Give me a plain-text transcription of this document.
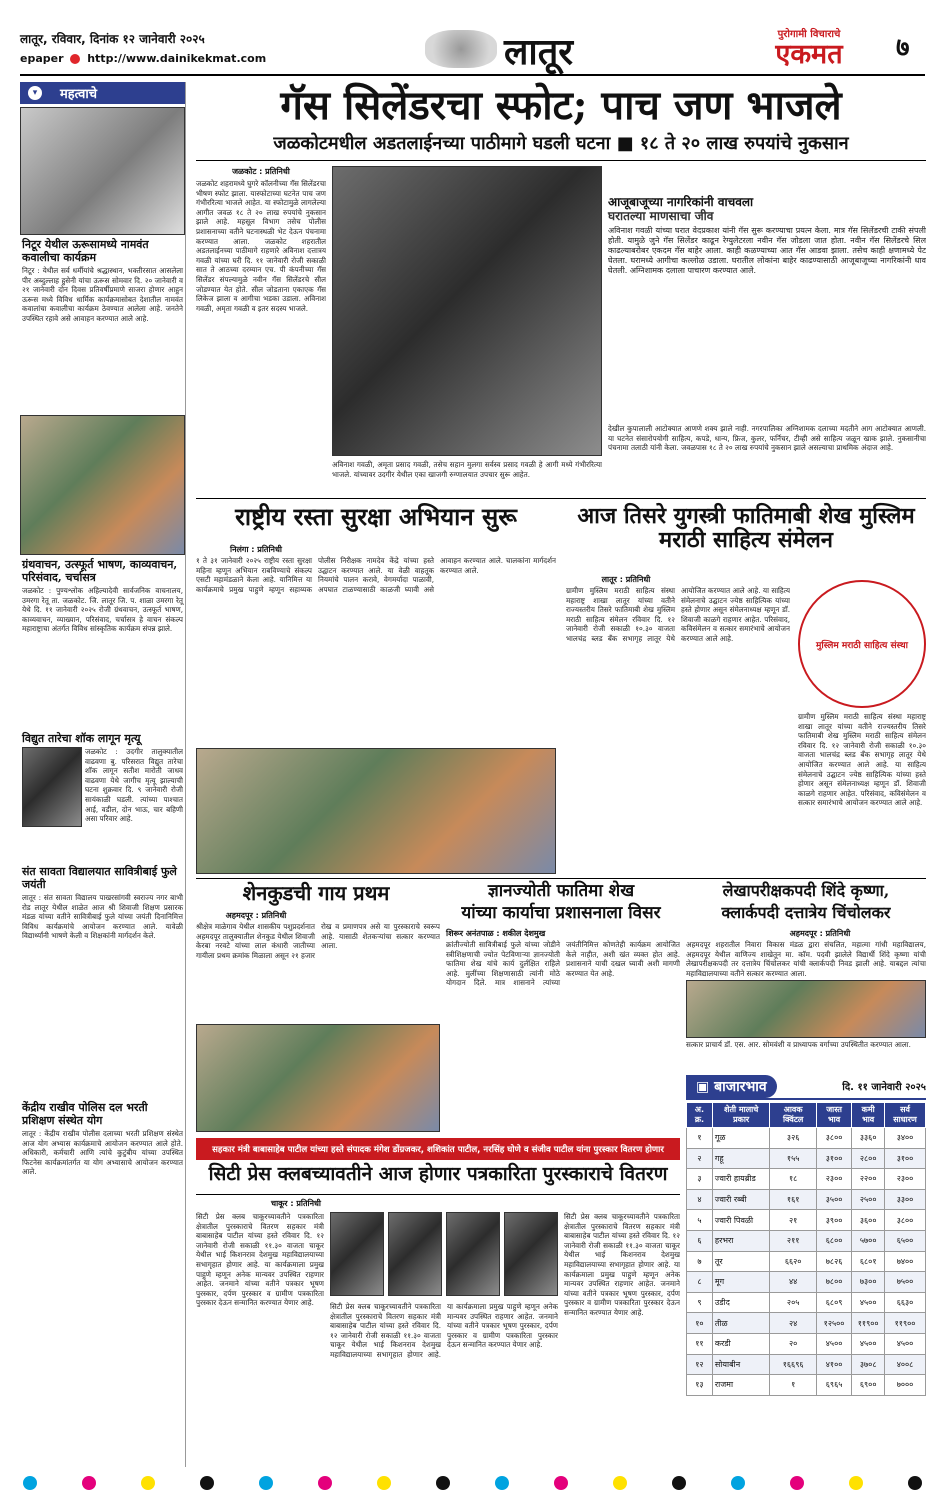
लातूर, रविवार, दिनांक १२ जानेवारी २०२५
epaper http://www.dainikekmat.com	लातूर	पुरोगामी विचाराचे
एकमत	७
▾	महत्वाचे
निटूर येथील ऊरूसामध्ये नामवंत कवालीचा कार्यक्रम
निटूर : येथील सर्व धर्मीयांचे श्रद्धास्थान, भक्तीरसात आसलेला पीर अब्दुल्लाह हुसेनी यांचा ऊरूस सोमवार दि. २० जानेवारी व २१ जानेवारी दोन दिवस प्रतिवर्षीप्रमाणे साजरा होणार आहुन ऊरूस मध्ये विविध धार्मिक कार्यक्रमासोबत देशातील नामवंत कवालांचा कवालीचा कार्यक्रम ठेवण्यात आलेला आहे. जनतेने उपस्थित रहावे असे आवाहन करण्यात आले आहे.
ग्रंथवाचन, उत्स्फूर्त भाषण, काव्यवाचन, परिसंवाद, चर्चासत्र
जळकोट : पुण्यश्लोक अहिल्यादेवी सार्वजनिक वाचनालय, उमरगा रेतू ता. जळकोट. जि. लातूर जि. प. शाळा उमरगा रेतू येथे दि. ११ जानेवारी २०२५ रोजी ग्रंथवाचन, उत्स्फूर्त भाषण, काव्यवाचन, व्याख्यान, परिसंवाद, चर्चासत्र हे वाचन संकल्प महाराष्ट्राचा अंतर्गत विविध सांस्कृतिक कार्यक्रम संपन्न झाले.
विद्युत तारेचा शॉक लागून मृत्यू
जळकोट : उदगीर तालुक्यातील वाढवणा बु. परिसरात विद्युत तारेचा शॉक लागून सतीश मारोती जाधव वाढवणा येथे जागीच मृत्यू झाल्याची घटना शुक्रवार दि. ९ जानेवारी रोजी सायंकाळी घडली. त्यांच्या पाश्चात आई, वडील, दोन भाऊ, चार बहिणी असा परिवार आहे.
संत सावता विद्यालयात सावित्रीबाई फुले जयंती
लातूर : संत सावता विद्यालय पाखरसांगवी स्वराज्य नगर बाभी रोड लातूर येथील शाळेत आज श्री शिवाजी शिक्षण प्रसारक मंडळ यांच्या वतीने सावित्रीबाई फुले यांच्या जयंती दिनानिमित्त विविध कार्यक्रमांचे आयोजन करण्यात आले. यावेळी विद्यार्थ्यांनी भाषणे केली व शिक्षकांनी मार्गदर्शन केले.
केंद्रीय राखीव पोलिस दल भरती प्रशिक्षण संस्थेत योग
लातूर : केंद्रीय राखीव पोलीस दलाच्या भरती प्रशिक्षण संस्थेत आज योग अभ्यास कार्यक्रमाचे आयोजन करण्यात आले होते. अधिकारी, कर्मचारी आणि त्यांचे कुटुंबीय यांच्या उपस्थित फिटनेस कार्यक्रमांतर्गत या योग अभ्यासाचे आयोजन करण्यात आले.
गॅस सिलेंडरचा स्फोट; पाच जण भाजले
जळकोटमधील अडतलाईनच्या पाठीमागे घडली घटना ■ १८ ते २० लाख रुपयांचे नुकसान
जळकोट : प्रतिनिधी
जळकोट शहरामध्ये घुगरे कॉलनीच्या गॅस सिलेंडरचा भीषण स्फोट झाला. यास्फोटाच्या घटनेत पाच जण गंभीररित्या भाजले आहेत. या स्फोटामुळे लागलेल्या आगीत जवळ १८ ते २० लाख रुपयांचे नुकसान झाले आहे. महसूल विभाग तसेच पोलीस प्रशासनाच्या वतीने घटनास्थळी भेट देऊन पंचनामा करण्यात आला. जळकोट शहरातील अडतलाईनच्या पाठीमागे राहणारे अविनाश दत्तात्रय गवळी यांच्या घरी दि. ११ जानेवारी रोजी सकाळी सात ते आठच्या दरम्यान एच. पी कंपनीच्या गॅस सिलेंडर संपल्यामुळे नवीन गॅस सिलेंडरचे सील जोडण्यात येत होते. सील जोडताना एकाएक गॅस लिकेज झाला व आगीचा भडका उडाला. अविनाश गवळी, अमृता गवळी व इतर सदस्य भाजले.
अविनाश गवळी, अमृता प्रसाद गवळी, तसेच सहान मुलगा सर्वस्व प्रसाद गवळी हे आगी मध्ये गंभीररित्या भाजले. यांच्यावर उदगीर येथील एका खाजगी रुग्णालयात उपचार सुरू आहेत.
आजूबाजूच्या नागरिकांनी वाचवला
घरातल्या माणसाचा जीव
अविनाश गवळी यांच्या घरात वेदप्रकाश यांनी गॅस सुरू करण्याचा प्रयत्न केला. मात्र गॅस सिलेंडरची टाकी संपली होती. यामुळे जुने गॅस सिलेंडर काढून रेग्युलेटरला नवीन गॅस जोडला जात होता. नवीन गॅस सिलेंडरचे सिल काढल्याबरोबर एकदम गॅस बाहेर आला. काही कळण्याच्या आत गॅस आडवा झाला. तसेच काही क्षणामध्ये पेट घेतला. घरामध्ये आगीचा कल्लोळ उडाला. घरातील लोकांना बाहेर काढण्यासाठी आजूबाजूच्या नागरिकांनी धाव घेतली. अग्निशामक दलाला पाचारण करण्यात आले.
देखील कुपालाली आटोक्यात आणणे शक्य झाले नाही. नगरपालिका अग्निशामक दलाच्या मदतीने आग आटोक्यात आणली. या घटनेत संसारोपयोगी साहित्य, कपडे, धान्य, फ्रिज, कुलर, फर्निचर, टीव्ही असे साहित्य जळून खाक झाले. नुकसानीचा पंचनामा तलाठी यांनी केला. जवळपास १८ ते २० लाख रुपयांचे नुकसान झाले असल्याचा प्राथमिक अंदाज आहे.
राष्ट्रीय रस्ता सुरक्षा अभियान सुरू
निलंगा : प्रतिनिधी
१ ते ३१ जानेवारी २०२५ राष्ट्रीय रस्ता सुरक्षा महिना म्हणून अभियान राबविण्याचे संकल्प एसटी महामंडळाने केला आहे. यानिमित्त या कार्यक्रमाचे प्रमुख पाहुणे म्हणून सहाय्यक पोलीस निरीक्षक नामदेव केंद्रे यांच्या हस्ते उद्घाटन करण्यात आले. या वेळी वाहतूक नियमांचे पालन करावे, वेगमर्यादा पाळावी, अपघात टाळण्यासाठी काळजी घ्यावी असे आवाहन करण्यात आले. चालकांना मार्गदर्शन करण्यात आले.
आज तिसरे युगस्त्री फातिमाबी शेख मुस्लिम मराठी साहित्य संमेलन
लातूर : प्रतिनिधी
ग्रामीण मुस्लिम मराठी साहित्य संस्था महाराष्ट्र शाखा लातूर यांच्या वतीने राज्यस्तरीय तिसरे फातिमाबी शेख मुस्लिम मराठी साहित्य संमेलन रविवार दि. १२ जानेवारी रोजी सकाळी १०.३० वाजता भालचंद्र ब्लड बँक सभागृह लातूर येथे आयोजित करण्यात आले आहे. या साहित्य संमेलनाचे उद्घाटन ज्येष्ठ साहित्यिक यांच्या हस्ते होणार असून संमेलनाध्यक्ष म्हणून डॉ. शिवाजी काळगे राहणार आहेत. परिसंवाद, कविसंमेलन व सत्कार समारंभाचे आयोजन करण्यात आले आहे.
मुस्लिम मराठी साहित्य संस्था
ग्रामीण मुस्लिम मराठी साहित्य संस्था महाराष्ट्र शाखा लातूर यांच्या वतीने राज्यस्तरीय तिसरे फातिमाबी शेख मुस्लिम मराठी साहित्य संमेलन रविवार दि. १२ जानेवारी रोजी सकाळी १०.३० वाजता भालचंद्र ब्लड बँक सभागृह लातूर येथे आयोजित करण्यात आले आहे. या साहित्य संमेलनाचे उद्घाटन ज्येष्ठ साहित्यिक यांच्या हस्ते होणार असून संमेलनाध्यक्ष म्हणून डॉ. शिवाजी काळगे राहणार आहेत. परिसंवाद, कविसंमेलन व सत्कार समारंभाचे आयोजन करण्यात आले आहे.
शेनकुडची गाय प्रथम
अहमदपूर : प्रतिनिधी
श्रीक्षेत्र माळेगाव येथील शासकीय पशुप्रदर्शनात अहमदपूर तालुक्यातील शेनकुड येथील शिवाजी केरबा नरवटे यांच्या लाल कंधारी जातीच्या गायीला प्रथम क्रमांक मिळाला असून २१ हजार रोख व प्रमाणपत्र असे या पुरस्काराचे स्वरूप आहे. यासाठी शेतकऱ्यांचा सत्कार करण्यात आला.
ज्ञानज्योती फातिमा शेख
यांच्या कार्याचा प्रशासनाला विसर
शिरूर अनंतपाळ : शकील देशमुख
क्रांतीज्योती सावित्रीबाई फुले यांच्या जोडीने स्त्रीशिक्षणाची ज्योत पेटविणाऱ्या ज्ञानज्योती फातिमा शेख यांचे कार्य दुर्लक्षित राहिले आहे. मुलींच्या शिक्षणासाठी त्यांनी मोठे योगदान दिले. मात्र शासनाने त्यांच्या जयंतीनिमित्त कोणतेही कार्यक्रम आयोजित केले नाहीत, अशी खंत व्यक्त होत आहे. प्रशासनाने याची दखल घ्यावी अशी मागणी करण्यात येत आहे.
लेखापरीक्षकपदी शिंदे कृष्णा,
क्लार्कपदी दत्तात्रेय चिंचोलकर
अहमदपूर : प्रतिनिधी
अहमदपूर शहरातील निवारा विकास मंडळ द्वारा संचलित, महात्मा गांधी महाविद्यालय, अहमदपूर येथील वाणिज्य शाखेतून मा. कॉम. पदवी झालेले विद्यार्थी शिंदे कृष्णा यांची लेखापरीक्षकपदी तर दत्तात्रेय चिंचोलकर यांची क्लार्कपदी निवड झाली आहे. याबद्दल त्यांचा महाविद्यालयाच्या वतीने सत्कार करण्यात आला.
सत्कार प्राचार्य डॉ. एस. आर. सोमवंशी व प्राध्यापक वर्गाच्या उपस्थितीत करण्यात आला.
▣ बाजारभाव	दि. ११ जानेवारी २०२५
अ. क्र.	शेती मालाचे प्रकार	आवक क्विंटल	जास्त भाव	कमी भाव	सर्व साधारण
१	गूळ	३२६	३८००	३३६०	३४००
२	गहू	१५५	३१००	२८००	३१००
३	ज्वारी हायब्रीड	१८	२३००	२२००	२३००
४	ज्वारी रब्बी	१६१	३५००	२५००	३३००
५	ज्वारी पिवळी	२१	३९००	३६००	३८००
६	हरभरा	२११	६८००	५७००	६५००
७	तूर	६६२०	७८२६	६८०१	७४००
८	मूग	४४	७८००	७३००	७५००
९	उडीद	२०५	६८०९	४५००	६६३०
१०	तीळ	२४	१२५००	११९००	११९००
११	करडी	२०	४५००	४५००	४५००
१२	सोयाबीन	१६६९६	४१००	३७०८	४००८
१३	राजमा	१	६९६५	६९००	७०००
सहकार मंत्री बाबासाहेब पाटील यांच्या हस्ते संपादक मंगेश डोंग्रजकर, शशिकांत पाटील, नरसिंह घोणे व संजीव पाटील यांना पुरस्कार वितरण होणार
सिटी प्रेस क्लबच्यावतीने आज होणार पत्रकारिता पुरस्काराचे वितरण
चाकूर : प्रतिनिधी
सिटी प्रेस क्लब चाकूरच्यावतीने पत्रकारिता क्षेत्रातील पुरस्काराचे वितरण सहकार मंत्री बाबासाहेब पाटील यांच्या हस्ते रविवार दि. १२ जानेवारी रोजी सकाळी ११.३० वाजता चाकूर येथील भाई किशनराव देशमुख महाविद्यालयाच्या सभागृहात होणार आहे. या कार्यक्रमाला प्रमुख पाहुणे म्हणून अनेक मान्यवर उपस्थित राहणार आहेत. जनमाने यांच्या वतीने पत्रकार भूषण पुरस्कार, दर्पण पुरस्कार व ग्रामीण पत्रकारिता पुरस्कार देऊन सन्मानित करण्यात येणार आहे.	सिटी प्रेस क्लब चाकूरच्यावतीने पत्रकारिता क्षेत्रातील पुरस्काराचे वितरण सहकार मंत्री बाबासाहेब पाटील यांच्या हस्ते रविवार दि. १२ जानेवारी रोजी सकाळी ११.३० वाजता चाकूर येथील भाई किशनराव देशमुख महाविद्यालयाच्या सभागृहात होणार आहे. या कार्यक्रमाला प्रमुख पाहुणे म्हणून अनेक मान्यवर उपस्थित राहणार आहेत. जनमाने यांच्या वतीने पत्रकार भूषण पुरस्कार, दर्पण पुरस्कार व ग्रामीण पत्रकारिता पुरस्कार देऊन सन्मानित करण्यात येणार आहे.
सिटी प्रेस क्लब चाकूरच्यावतीने पत्रकारिता क्षेत्रातील पुरस्काराचे वितरण सहकार मंत्री बाबासाहेब पाटील यांच्या हस्ते रविवार दि. १२ जानेवारी रोजी सकाळी ११.३० वाजता चाकूर येथील भाई किशनराव देशमुख महाविद्यालयाच्या सभागृहात होणार आहे. या कार्यक्रमाला प्रमुख पाहुणे म्हणून अनेक मान्यवर उपस्थित राहणार आहेत. जनमाने यांच्या वतीने पत्रकार भूषण पुरस्कार, दर्पण पुरस्कार व ग्रामीण पत्रकारिता पुरस्कार देऊन सन्मानित करण्यात येणार आहे.
